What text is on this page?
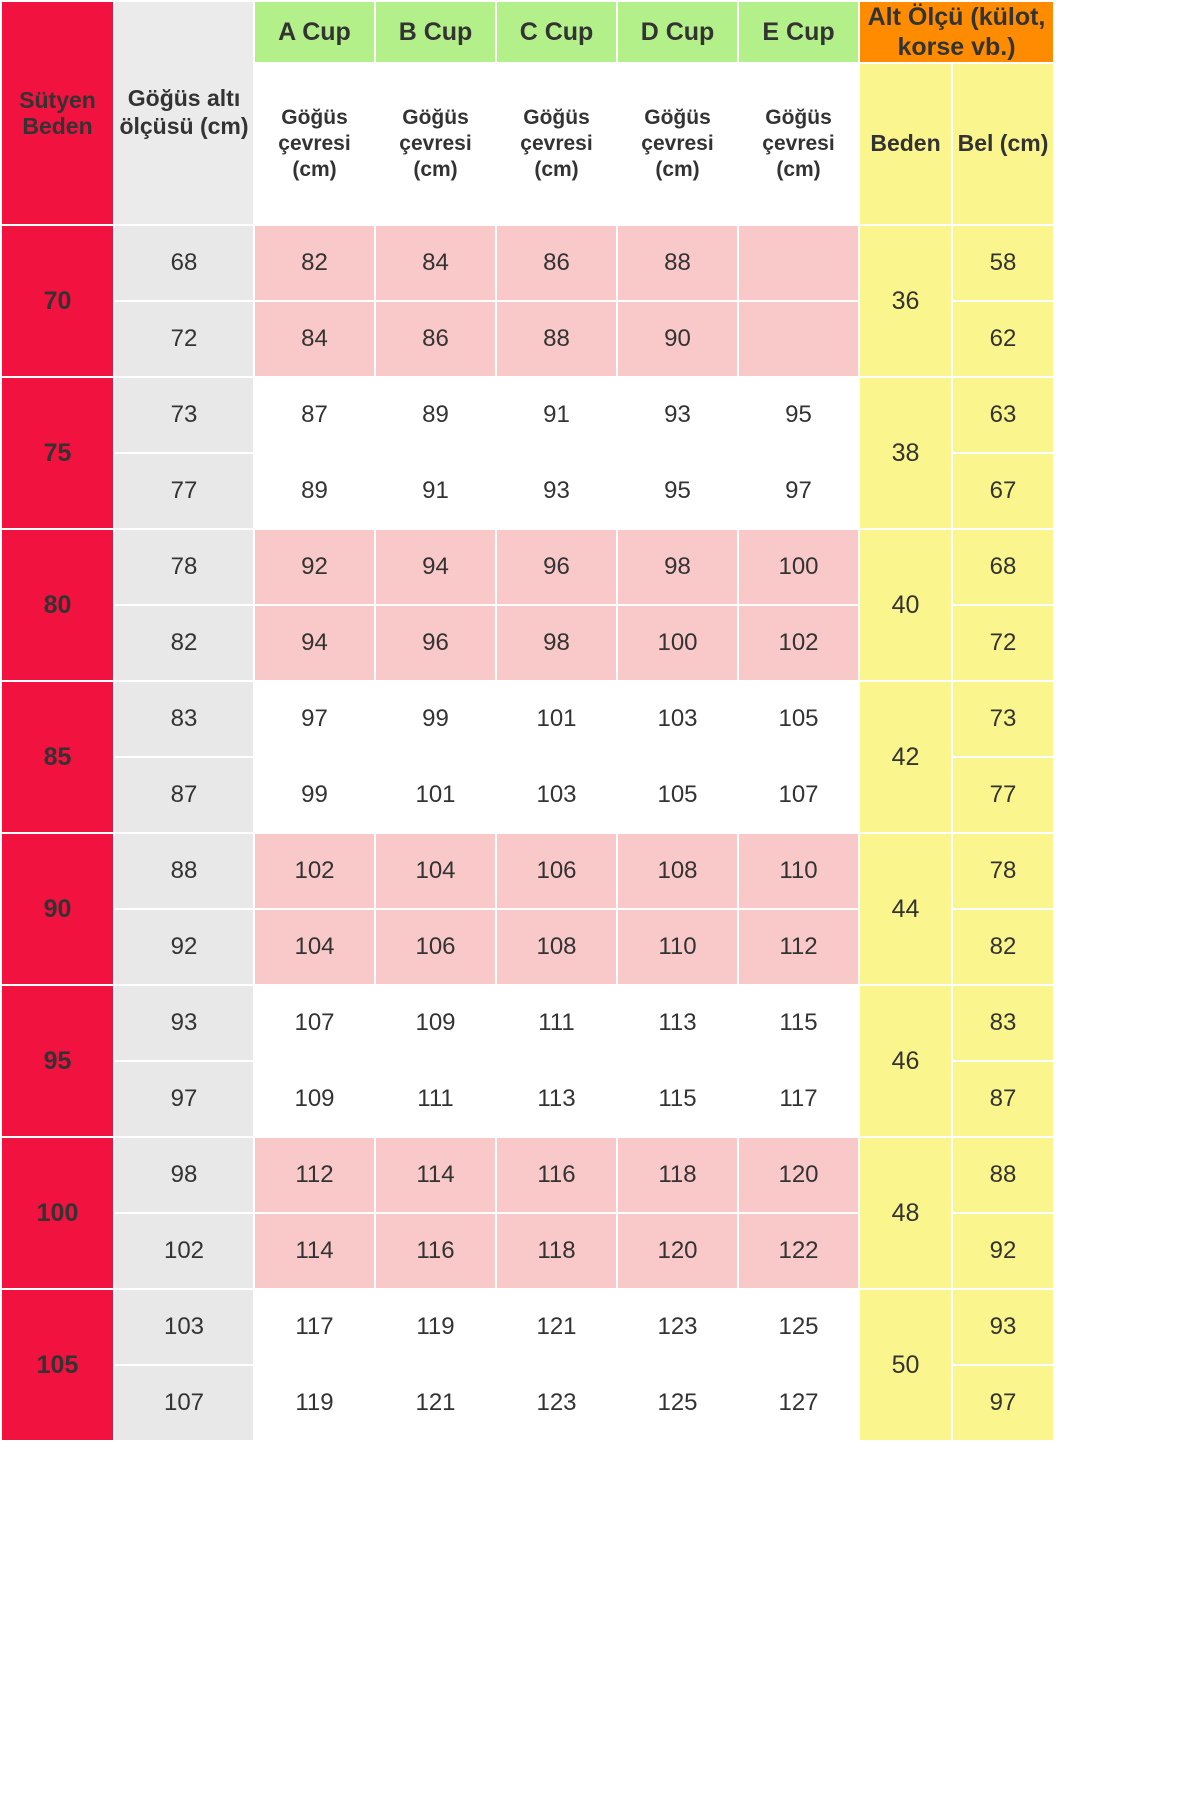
Sütyen Beden	Göğüs altı ölçüsü (cm)	A Cup	B Cup	C Cup	D Cup	E Cup	Alt Ölçü (külot, korse vb.)	
		Göğüs çevresi (cm)	Göğüs çevresi (cm)	Göğüs çevresi (cm)	Göğüs çevresi (cm)	Göğüs çevresi (cm)	Beden	Bel (cm)
70	68	82	84	86	88		36	58
	72	84	86	88	90			62
75	73	87	89	91	93	95	38	63
	77	89	91	93	95	97		67
80	78	92	94	96	98	100	40	68
	82	94	96	98	100	102		72
85	83	97	99	101	103	105	42	73
	87	99	101	103	105	107		77
90	88	102	104	106	108	110	44	78
	92	104	106	108	110	112		82
95	93	107	109	111	113	115	46	83
	97	109	111	113	115	117		87
100	98	112	114	116	118	120	48	88
	102	114	116	118	120	122		92
105	103	117	119	121	123	125	50	93
	107	119	121	123	125	127		97
